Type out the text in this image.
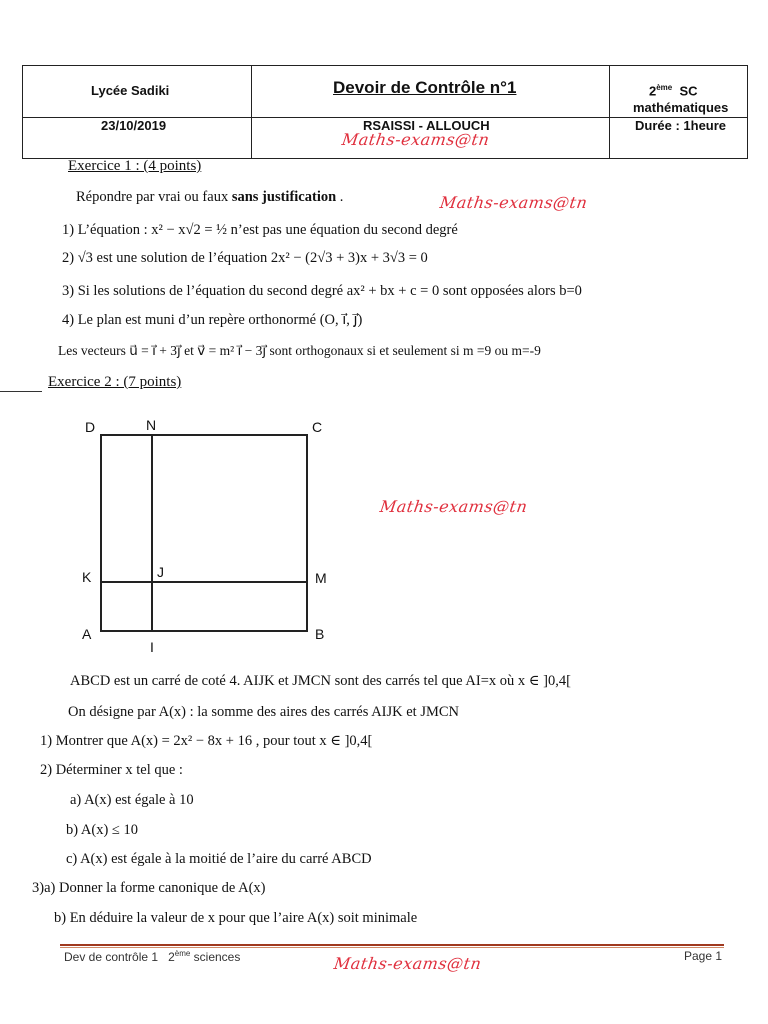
Lycée Sadiki	Devoir de Contrôle n°1	2ème SC
mathématiques
23/10/2019	RSAISSI - ALLOUCH	Durée : 1heure
Maths-exams@tn
Exercice 1 : (4 points)
Répondre par vrai ou faux sans justification .	Maths-exams@tn
1) L’équation : x² − x√2 = ½ n’est pas une équation du second degré
2) √3 est une solution de l’équation 2x² − (2√3 + 3)x + 3√3 = 0
3) Si les solutions de l’équation du second degré ax² + bx + c = 0 sont opposées alors b=0
4) Le plan est muni d’un repère orthonormé (O, i⃗, j⃗)
Les vecteurs u⃗ = i⃗ + 3j⃗ et v⃗ = m² i⃗ − 3j⃗ sont orthogonaux si et seulement si m =9 ou m=-9
Exercice 2 : (7 points)
D	N	C
K	J	M
A
I
B
Maths-exams@tn
ABCD est un carré de coté 4. AIJK et JMCN sont des carrés tel que AI=x où x ∈ ]0,4[
On désigne par A(x) : la somme des aires des carrés AIJK et JMCN
1) Montrer que A(x) = 2x² − 8x + 16 , pour tout x ∈ ]0,4[
2) Déterminer x tel que :
a) A(x) est égale à 10
b) A(x) ≤ 10
c) A(x) est égale à la moitié de l’aire du carré ABCD
3)a) Donner la forme canonique de A(x)
b) En déduire la valeur de x pour que l’aire A(x) soit minimale
Dev de contrôle 1 2ème sciences	Maths-exams@tn	Page 1
